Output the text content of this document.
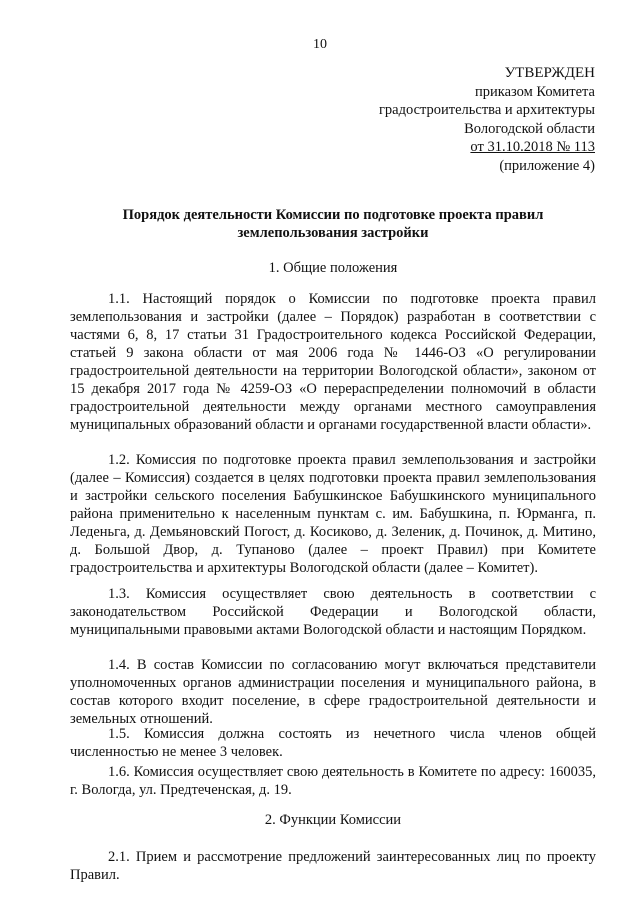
10
УТВЕРЖДЕН
приказом Комитета
градостроительства и архитектуры
Вологодской области
от 31.10.2018 № 113
(приложение 4)
Порядок деятельности Комиссии по подготовке проекта правил землепользования застройки
1. Общие положения

1.1. Настоящий порядок о Комиссии по подготовке проекта правил землепользования и застройки (далее – Порядок) разработан в соответствии с частями 6, 8, 17 статьи 31 Градостроительного кодекса Российской Федерации, статьей 9 закона области от мая 2006 года № 1446-ОЗ «О регулировании градостроительной деятельности на территории Вологодской области», законом от 15 декабря 2017 года № 4259-ОЗ «О перераспределении полномочий в области градостроительной деятельности между органами местного самоуправления муниципальных образований области и органами государственной власти области».

1.2. Комиссия по подготовке проекта правил землепользования и застройки (далее – Комиссия) создается в целях подготовки проекта правил землепользования и застройки сельского поселения Бабушкинское Бабушкинского муниципального района применительно к населенным пунктам с. им. Бабушкина, п. Юрманга, п. Леденьга, д. Демьяновский Погост, д. Косиково, д. Зеленик, д. Починок, д. Митино, д. Большой Двор, д. Тупаново (далее – проект Правил) при Комитете градостроительства и архитектуры Вологодской области (далее – Комитет).

1.3. Комиссия осуществляет свою деятельность в соответствии с законодательством Российской Федерации и Вологодской области, муниципальными правовыми актами Вологодской области и настоящим Порядком.

1.4. В состав Комиссии по согласованию могут включаться представители уполномоченных органов администрации поселения и муниципального района, в состав которого входит поселение, в сфере градостроительной деятельности и земельных отношений.

1.5. Комиссия должна состоять из нечетного числа членов общей численностью не менее 3 человек.

1.6. Комиссия осуществляет свою деятельность в Комитете по адресу: 160035, г. Вологда, ул. Предтеченская, д. 19.

2. Функции Комиссии

2.1. Прием и рассмотрение предложений заинтересованных лиц по проекту Правил.
